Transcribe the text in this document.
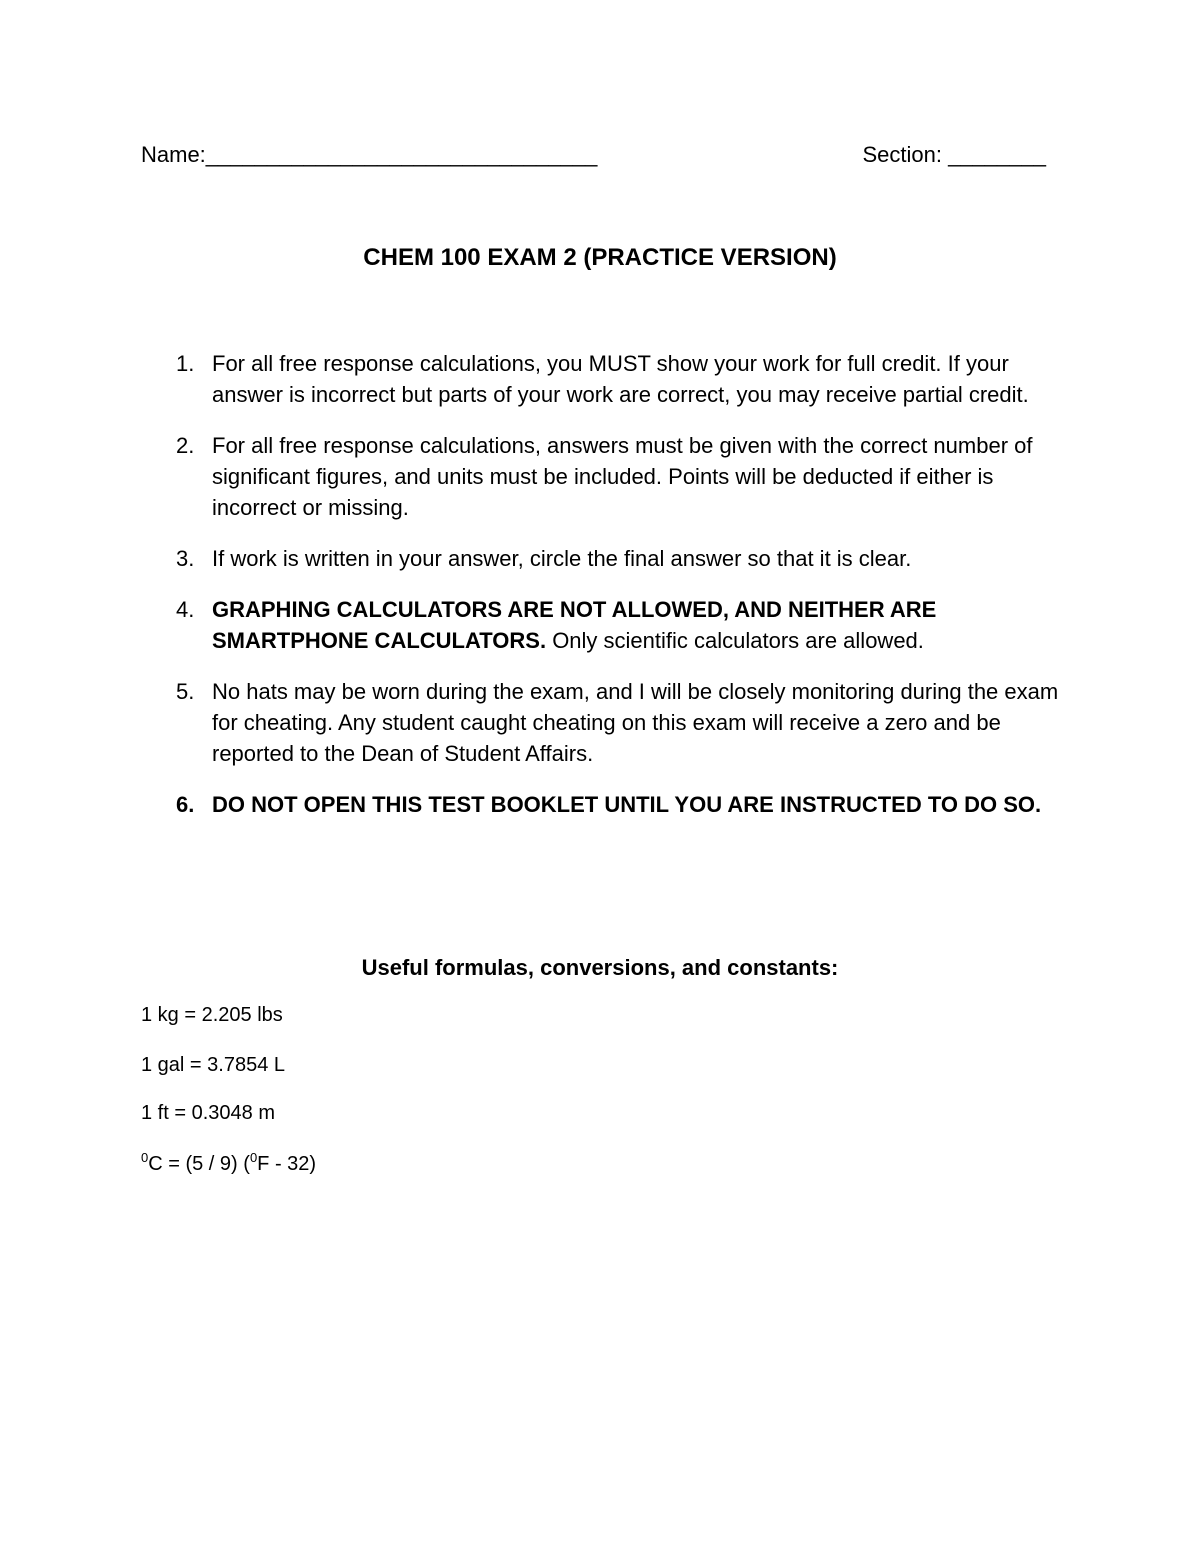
Name:________________________________	Section: ________
CHEM 100 EXAM 2 (PRACTICE VERSION)
1. For all free response calculations, you MUST show your work for full credit. If your answer is incorrect but parts of your work are correct, you may receive partial credit.
2. For all free response calculations, answers must be given with the correct number of significant figures, and units must be included. Points will be deducted if either is incorrect or missing.
3. If work is written in your answer, circle the final answer so that it is clear.
4. GRAPHING CALCULATORS ARE NOT ALLOWED, AND NEITHER ARE SMARTPHONE CALCULATORS. Only scientific calculators are allowed.
5. No hats may be worn during the exam, and I will be closely monitoring during the exam for cheating. Any student caught cheating on this exam will receive a zero and be reported to the Dean of Student Affairs.
6. DO NOT OPEN THIS TEST BOOKLET UNTIL YOU ARE INSTRUCTED TO DO SO.
Useful formulas, conversions, and constants:
1 kg = 2.205 lbs
1 gal = 3.7854 L
1 ft = 0.3048 m
$^0$C = (5 / 9) ($^0$F - 32)
